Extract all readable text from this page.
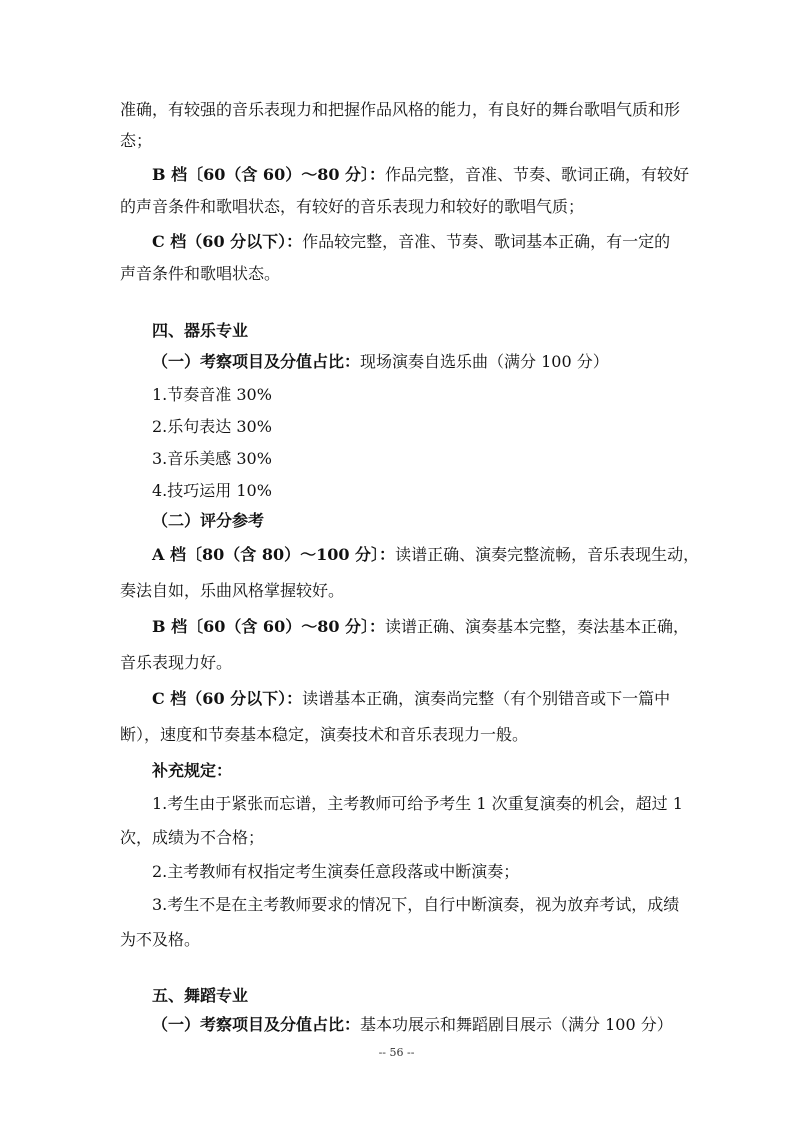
准确，有较强的音乐表现力和把握作品风格的能力，有良好的舞台歌唱气质和形

态；

B 档〔60（含 60）～80 分〕：作品完整，音准、节奏、歌词正确，有较好

的声音条件和歌唱状态，有较好的音乐表现力和较好的歌唱气质；

C 档（60 分以下）：作品较完整，音准、节奏、歌词基本正确，有一定的

声音条件和歌唱状态。

四、器乐专业

（一）考察项目及分值占比：现场演奏自选乐曲（满分 100 分）

1.节奏音准 30%

2.乐句表达 30%

3.音乐美感 30%

4.技巧运用 10%

（二）评分参考

A 档〔80（含 80）～100 分〕：读谱正确、演奏完整流畅，音乐表现生动，

奏法自如，乐曲风格掌握较好。

B 档〔60（含 60）～80 分〕：读谱正确、演奏基本完整，奏法基本正确，

音乐表现力好。

C 档（60 分以下）：读谱基本正确，演奏尚完整（有个别错音或下一篇中

断），速度和节奏基本稳定，演奏技术和音乐表现力一般。

补充规定：

1.考生由于紧张而忘谱，主考教师可给予考生 1 次重复演奏的机会，超过 1

次，成绩为不合格；

2.主考教师有权指定考生演奏任意段落或中断演奏；

3.考生不是在主考教师要求的情况下，自行中断演奏，视为放弃考试，成绩

为不及格。

五、舞蹈专业

（一）考察项目及分值占比：基本功展示和舞蹈剧目展示（满分 100 分）

-- 56 --
